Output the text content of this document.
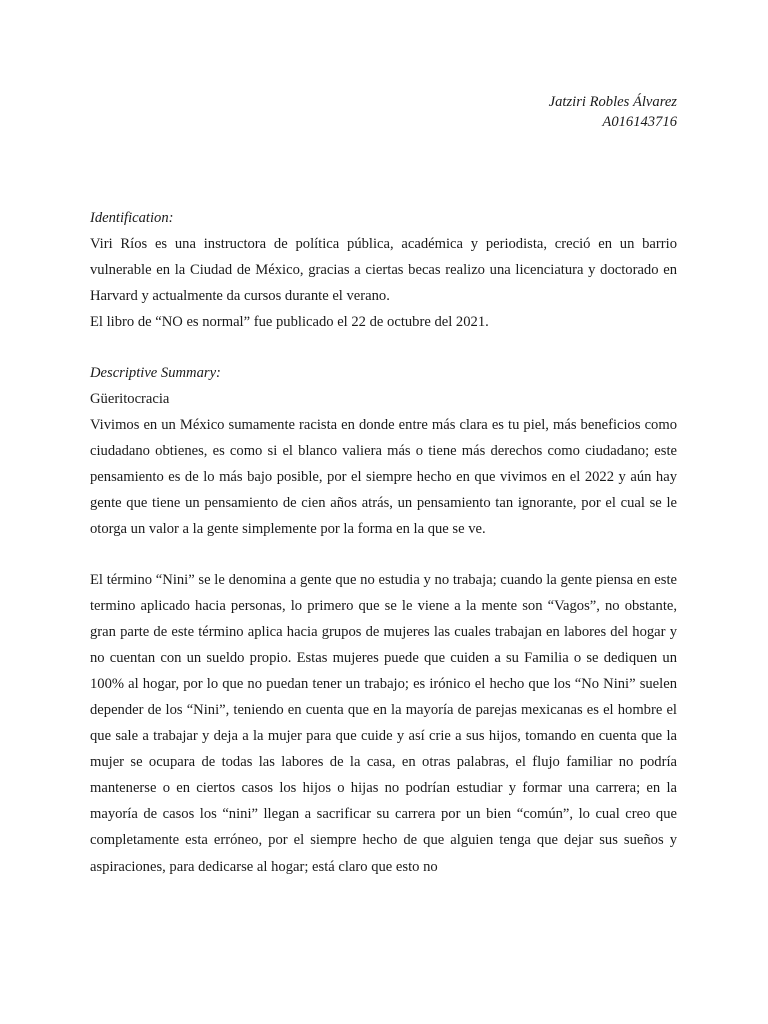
Jatziri Robles Álvarez
A016143716
Identification:

Viri Ríos es una instructora de política pública, académica y periodista, creció en un barrio vulnerable en la Ciudad de México, gracias a ciertas becas realizo una licenciatura y doctorado en Harvard y actualmente da cursos durante el verano.

El libro de “NO es normal” fue publicado el 22 de octubre del 2021.

Descriptive Summary:

Güeritocracia

Vivimos en un México sumamente racista en donde entre más clara es tu piel, más beneficios como ciudadano obtienes, es como si el blanco valiera más o tiene más derechos como ciudadano; este pensamiento es de lo más bajo posible, por el siempre hecho en que vivimos en el 2022 y aún hay gente que tiene un pensamiento de cien años atrás, un pensamiento tan ignorante, por el cual se le otorga un valor a la gente simplemente por la forma en la que se ve.

El término “Nini” se le denomina a gente que no estudia y no trabaja; cuando la gente piensa en este termino aplicado hacia personas, lo primero que se le viene a la mente son “Vagos”, no obstante, gran parte de este término aplica hacia grupos de mujeres las cuales trabajan en labores del hogar y no cuentan con un sueldo propio. Estas mujeres puede que cuiden a su Familia o se dediquen un 100% al hogar, por lo que no puedan tener un trabajo; es irónico el hecho que los “No Nini” suelen depender de los “Nini”, teniendo en cuenta que en la mayoría de parejas mexicanas es el hombre el que sale a trabajar y deja a la mujer para que cuide y así crie a sus hijos, tomando en cuenta que la mujer se ocupara de todas las labores de la casa, en otras palabras, el flujo familiar no podría mantenerse o en ciertos casos los hijos o hijas no podrían estudiar y formar una carrera; en la mayoría de casos los “nini” llegan a sacrificar su carrera por un bien “común”, lo cual creo que completamente esta erróneo, por el siempre hecho de que alguien tenga que dejar sus sueños y aspiraciones, para dedicarse al hogar; está claro que esto no
